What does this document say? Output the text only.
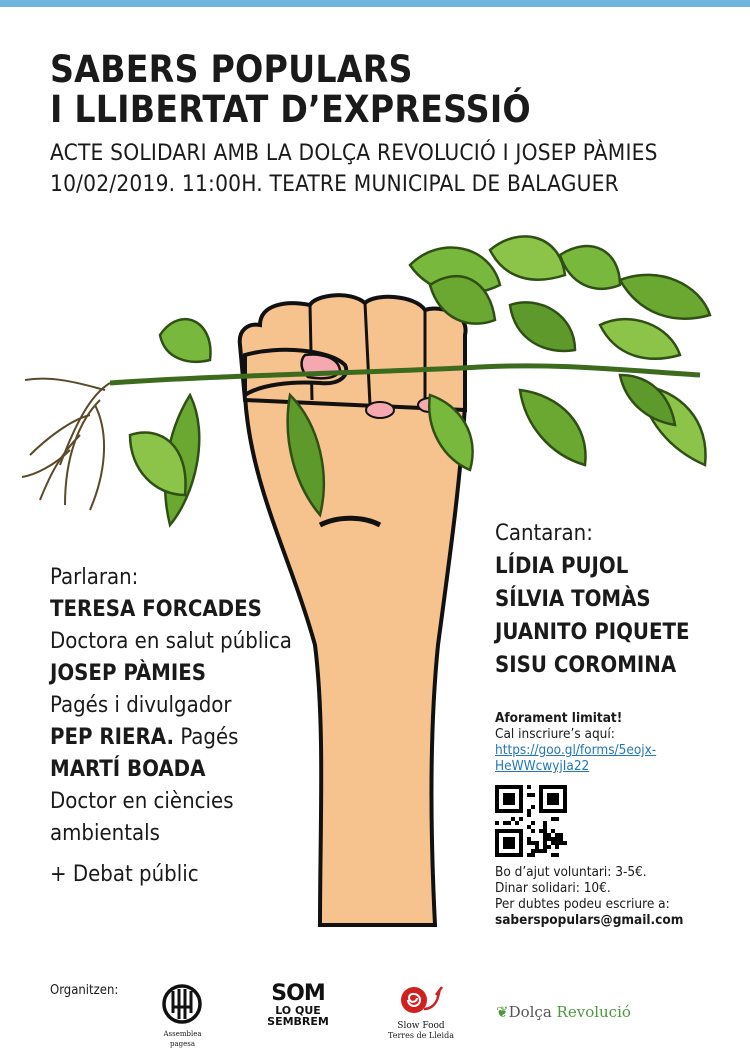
SABERS POPULARS
I LLIBERTAT D’EXPRESSIÓ
ACTE SOLIDARI AMB LA DOLÇA REVOLUCIÓ I JOSEP PÀMIES
10/02/2019. 11:00H. TEATRE MUNICIPAL DE BALAGUER
Parlaran:
TERESA FORCADES
Doctora en salut pública
JOSEP PÀMIES
Pagés i divulgador
PEP RIERA. Pagés
MARTÍ BOADA
Doctor en ciències
ambientals
+ Debat públic
Cantaran:
LÍDIA PUJOL
SÍLVIA TOMÀS
JUANITO PIQUETE
SISU COROMINA
Aforament limitat!
Cal inscriure’s aquí:
https://goo.gl/forms/5eojx-
HeWWcwyjIa22
Bo d’ajut voluntari: 3-5€.
Dinar solidari: 10€.
Per dubtes podeu escriure a:
saberspopulars@gmail.com
Organitzen:
Assemblea pagesa
SOM
LO QUE
SEMBREM	Slow Food
Terres de Lleida
❦Dolça Revolució
